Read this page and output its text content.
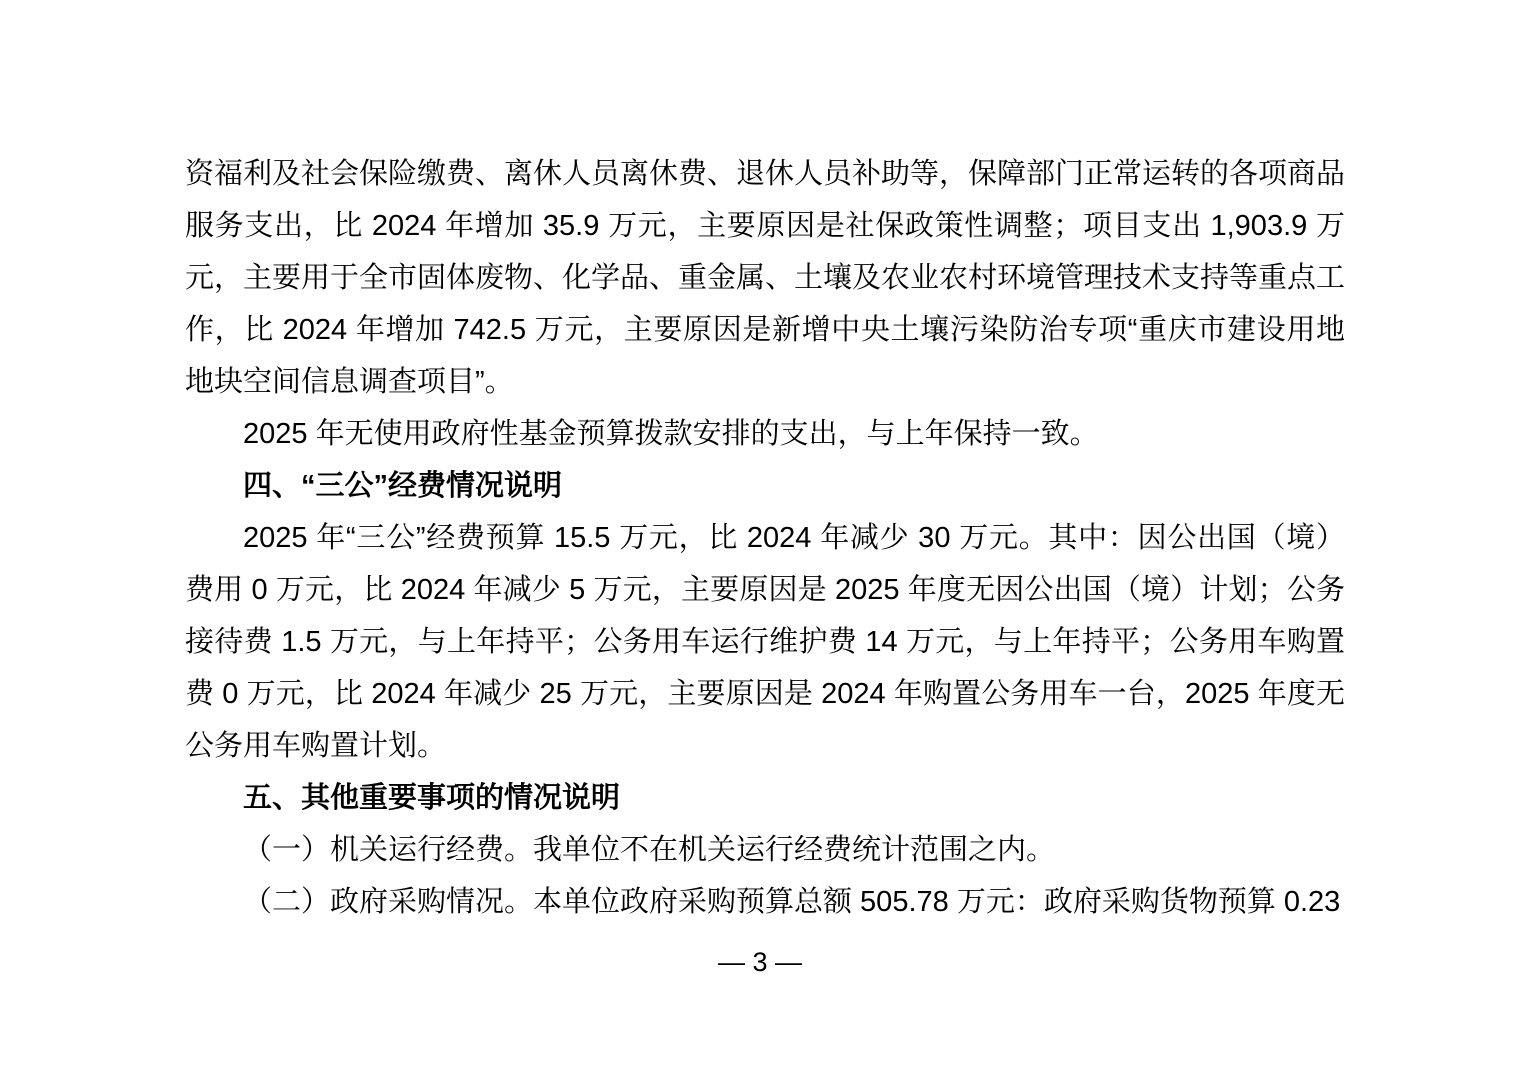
资福利及社会保险缴费、离休人员离休费、退休人员补助等，保障部门正常运转的各项商品服务支出，比 2024 年增加 35.9 万元，主要原因是社保政策性调整；项目支出 1,903.9 万元，主要用于全市固体废物、化学品、重金属、土壤及农业农村环境管理技术支持等重点工作，比 2024 年增加 742.5 万元，主要原因是新增中央土壤污染防治专项“重庆市建设用地地块空间信息调查项目”。

2025 年无使用政府性基金预算拨款安排的支出，与上年保持一致。

四、“三公”经费情况说明

2025 年“三公”经费预算 15.5 万元，比 2024 年减少 30 万元。其中：因公出国（境）费用 0 万元，比 2024 年减少 5 万元，主要原因是 2025 年度无因公出国（境）计划；公务接待费 1.5 万元，与上年持平；公务用车运行维护费 14 万元，与上年持平；公务用车购置费 0 万元，比 2024 年减少 25 万元，主要原因是 2024 年购置公务用车一台，2025 年度无公务用车购置计划。

五、其他重要事项的情况说明

（一）机关运行经费。我单位不在机关运行经费统计范围之内。

（二）政府采购情况。本单位政府采购预算总额 505.78 万元：政府采购货物预算 0.23

— 3 —
